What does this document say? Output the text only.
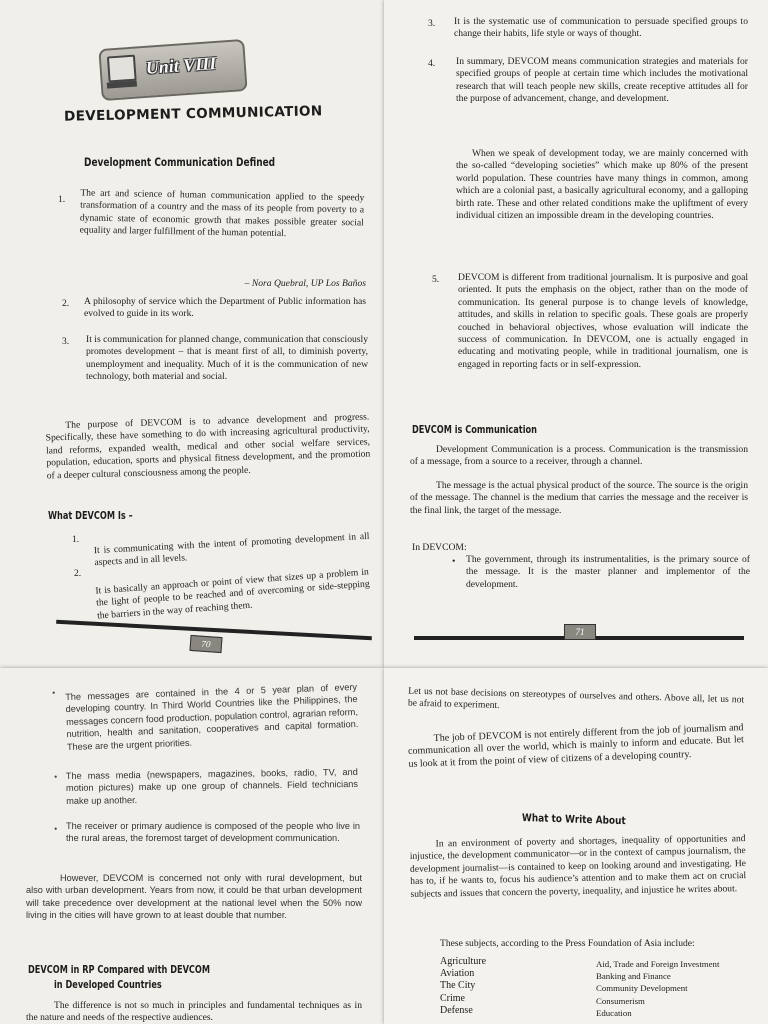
Unit VIII
DEVELOPMENT COMMUNICATION
Development Communication Defined
1. The art and science of human communication applied to the speedy transformation of a country and the mass of its people from poverty to a dynamic state of economic growth that makes possible greater social equality and larger fulfillment of the human potential.

– Nora Quebral, UP Los Baños

2. A philosophy of service which the Department of Public information has evolved to guide in its work.

3. It is communication for planned change, communication that consciously promotes development – that is meant first of all, to diminish poverty, unemployment and inequality. Much of it is the communication of new technology, both material and social.

The purpose of DEVCOM is to advance development and progress. Specifically, these have something to do with increasing agricultural productivity, land reforms, expanded wealth, medical and other social welfare services, population, education, sports and physical fitness development, and the promotion of a deeper cultural consciousness among the people.

What DEVCOM Is –
1. It is communicating with the intent of promoting development in all aspects and in all levels.

2. It is basically an approach or point of view that sizes up a problem in the light of people to be reached and of overcoming or side-stepping the barriers in the way of reaching them.

70
3. It is the systematic use of communication to persuade specified groups to change their habits, life style or ways of thought.

4. In summary, DEVCOM means communication strategies and materials for specified groups of people at certain time which includes the motivational research that will teach people new skills, create receptive attitudes all for the purpose of advancement, change, and development.

When we speak of development today, we are mainly concerned with the so-called “developing societies” which make up 80% of the present world population. These countries have many things in common, among which are a colonial past, a basically agricultural economy, and a galloping birth rate. These and other related conditions make the upliftment of every individual citizen an impossible dream in the developing countries.

5. DEVCOM is different from traditional journalism. It is purposive and goal oriented. It puts the emphasis on the object, rather than on the mode of communication. Its general purpose is to change levels of knowledge, attitudes, and skills in relation to specific goals. These goals are properly couched in behavioral objectives, whose evaluation will indicate the success of communication. In DEVCOM, one is actually engaged in educating and motivating people, while in traditional journalism, one is engaged in reporting facts or in self-expression.

DEVCOM is Communication

Development Communication is a process. Communication is the transmission of a message, from a source to a receiver, through a channel.

The message is the actual physical product of the source. The source is the origin of the message. The channel is the medium that carries the message and the receiver is the final link, the target of the message.

In DEVCOM:

• The government, through its instrumentalities, is the primary source of the message. It is the master planner and implementor of the development.

71
• The messages are contained in the 4 or 5 year plan of every developing country. In Third World Countries like the Philippines, the messages concern food production, population control, agrarian reform, nutrition, health and sanitation, cooperatives and capital formation. These are the urgent priorities.

• The mass media (newspapers, magazines, books, radio, TV, and motion pictures) make up one group of channels. Field technicians make up another.

• The receiver or primary audience is composed of the people who live in the rural areas, the foremost target of development communication.

However, DEVCOM is concerned not only with rural development, but also with urban development. Years from now, it could be that urban development will take precedence over development at the national level when the 50% now living in the cities will have grown to at least double that number.

DEVCOM in RP Compared with DEVCOM
in Developed Countries

The difference is not so much in principles and fundamental techniques as in the nature and needs of the respective audiences.

Let us not base decisions on stereotypes of ourselves and others. Above all, let us not be afraid to experiment.

The job of DEVCOM is not entirely different from the job of journalism and communication all over the world, which is mainly to inform and educate. But let us look at it from the point of view of citizens of a developing country.

What to Write About

In an environment of poverty and shortages, inequality of opportunities and injustice, the development communicator—or in the context of campus journalism, the development journalist—is contained to keep on looking around and investigating. He has to, if he wants to, focus his audience’s attention and to make them act on crucial subjects and issues that concern the poverty, inequality, and injustice he writes about.

These subjects, according to the Press Foundation of Asia include:

Agriculture
Aviation
The City
Crime
Defense
Aid, Trade and Foreign Investment
Banking and Finance
Community Development
Consumerism
Education
